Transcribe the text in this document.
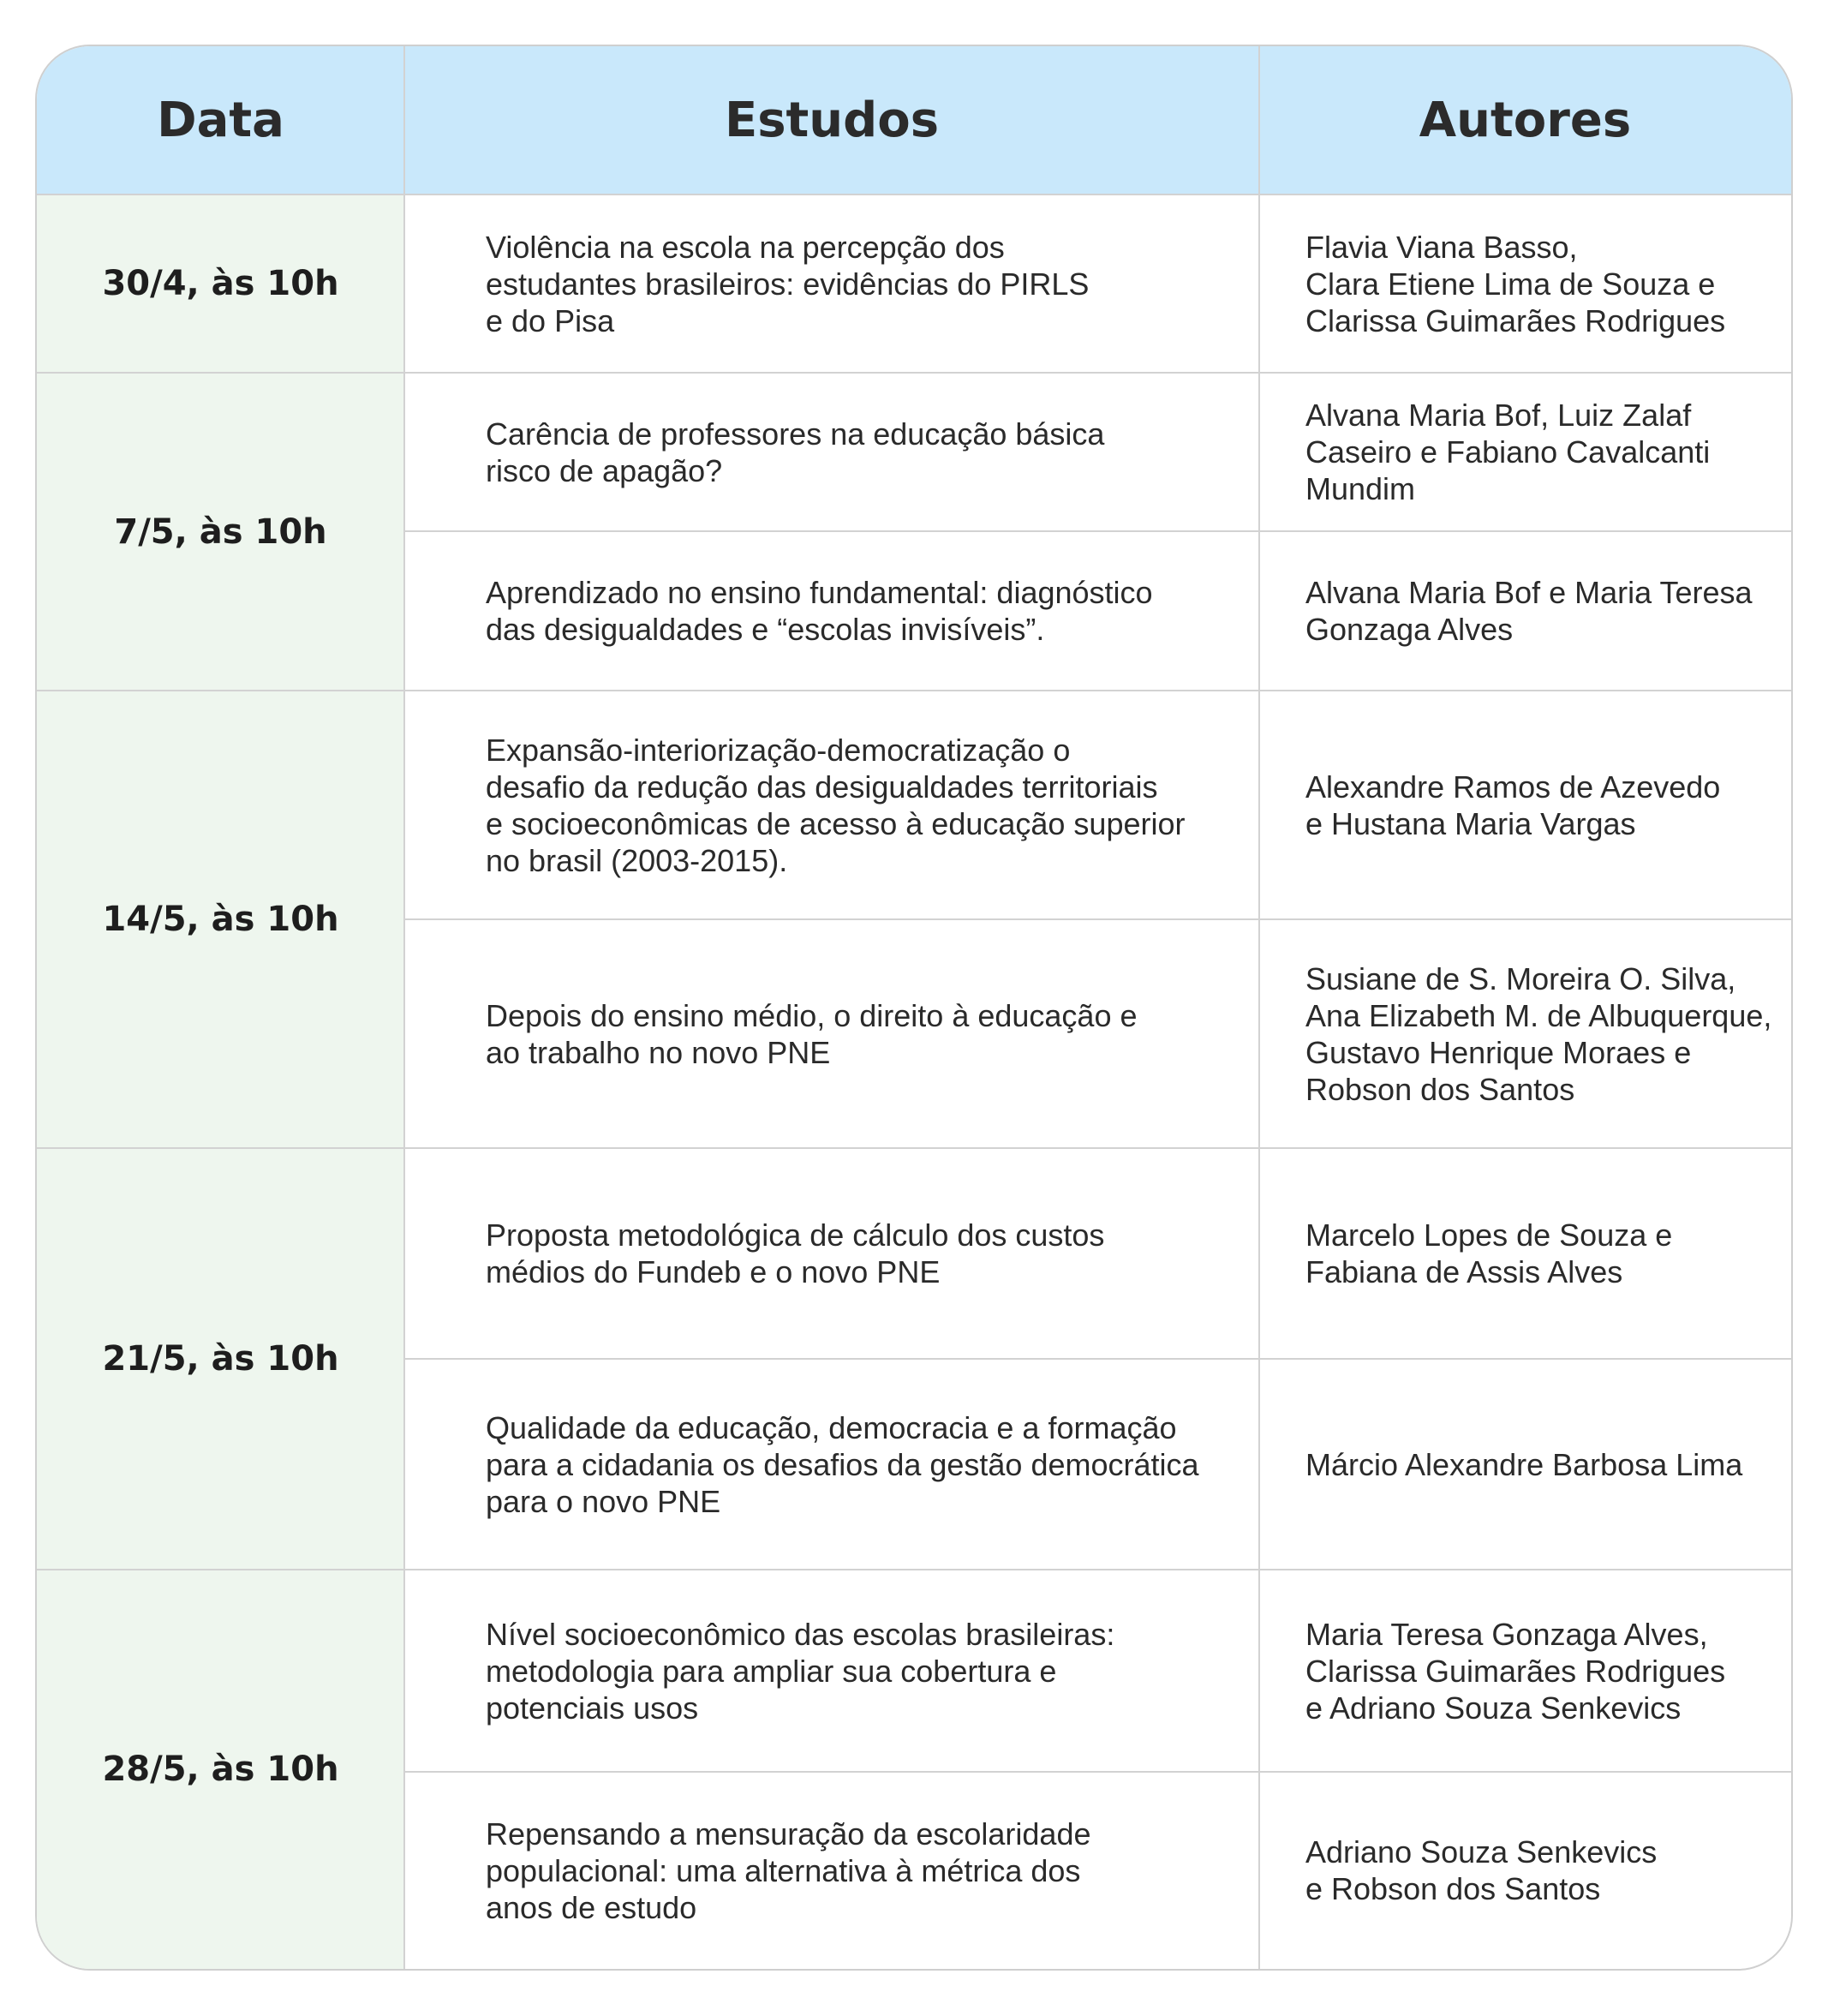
Data	Estudos	Autores
30/4, às 10h
Violência na escola na percepção dos
estudantes brasileiros: evidências do PIRLS
e do Pisa
Flavia Viana Basso,
Clara Etiene Lima de Souza e
Clarissa Guimarães Rodrigues
7/5, às 10h
Carência de professores na educação básica
risco de apagão?
Alvana Maria Bof, Luiz Zalaf
Caseiro e Fabiano Cavalcanti
Mundim
Aprendizado no ensino fundamental: diagnóstico
das desigualdades e “escolas invisíveis”.
Alvana Maria Bof e Maria Teresa
Gonzaga Alves
14/5, às 10h
Expansão-interiorização-democratização o
desafio da redução das desigualdades territoriais
e socioeconômicas de acesso à educação superior
no brasil (2003-2015).
Alexandre Ramos de Azevedo
e Hustana Maria Vargas
Depois do ensino médio, o direito à educação e
ao trabalho no novo PNE
Susiane de S. Moreira O. Silva,
Ana Elizabeth M. de Albuquerque,
Gustavo Henrique Moraes e
Robson dos Santos
21/5, às 10h
Proposta metodológica de cálculo dos custos
médios do Fundeb e o novo PNE
Marcelo Lopes de Souza e
Fabiana de Assis Alves
Qualidade da educação, democracia e a formação
para a cidadania os desafios da gestão democrática
para o novo PNE
Márcio Alexandre Barbosa Lima
28/5, às 10h
Nível socioeconômico das escolas brasileiras:
metodologia para ampliar sua cobertura e
potenciais usos
Maria Teresa Gonzaga Alves,
Clarissa Guimarães Rodrigues
e Adriano Souza Senkevics
Repensando a mensuração da escolaridade
populacional: uma alternativa à métrica dos
anos de estudo
Adriano Souza Senkevics
e Robson dos Santos
